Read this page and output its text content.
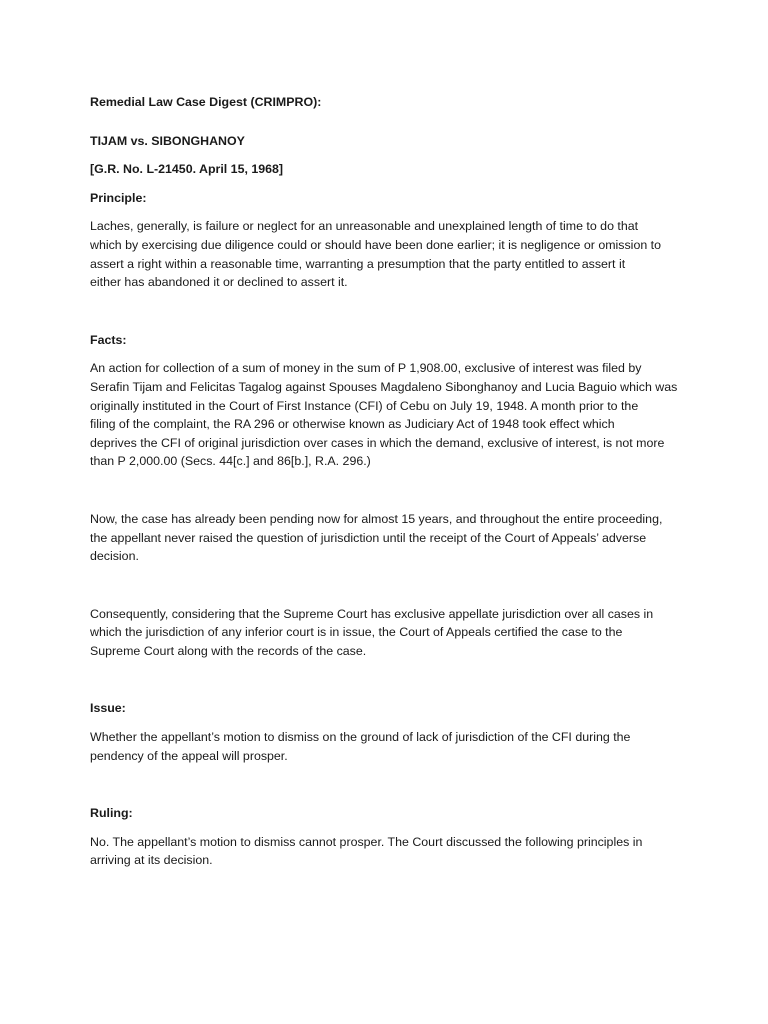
Remedial Law Case Digest (CRIMPRO):

TIJAM vs. SIBONGHANOY

[G.R. No. L-21450. April 15, 1968]

Principle:

Laches, generally, is failure or neglect for an unreasonable and unexplained length of time to do that
which by exercising due diligence could or should have been done earlier; it is negligence or omission to
assert a right within a reasonable time, warranting a presumption that the party entitled to assert it
either has abandoned it or declined to assert it.

Facts:

An action for collection of a sum of money in the sum of P 1,908.00, exclusive of interest was filed by
Serafin Tijam and Felicitas Tagalog against Spouses Magdaleno Sibonghanoy and Lucia Baguio which was
originally instituted in the Court of First Instance (CFI) of Cebu on July 19, 1948. A month prior to the
filing of the complaint, the RA 296 or otherwise known as Judiciary Act of 1948 took effect which
deprives the CFI of original jurisdiction over cases in which the demand, exclusive of interest, is not more
than P 2,000.00 (Secs. 44[c.] and 86[b.], R.A. 296.)

Now, the case has already been pending now for almost 15 years, and throughout the entire proceeding,
the appellant never raised the question of jurisdiction until the receipt of the Court of Appeals’ adverse
decision.

Consequently, considering that the Supreme Court has exclusive appellate jurisdiction over all cases in
which the jurisdiction of any inferior court is in issue, the Court of Appeals certified the case to the
Supreme Court along with the records of the case.

Issue:

Whether the appellant’s motion to dismiss on the ground of lack of jurisdiction of the CFI during the
pendency of the appeal will prosper.

Ruling:

No. The appellant’s motion to dismiss cannot prosper. The Court discussed the following principles in
arriving at its decision.
